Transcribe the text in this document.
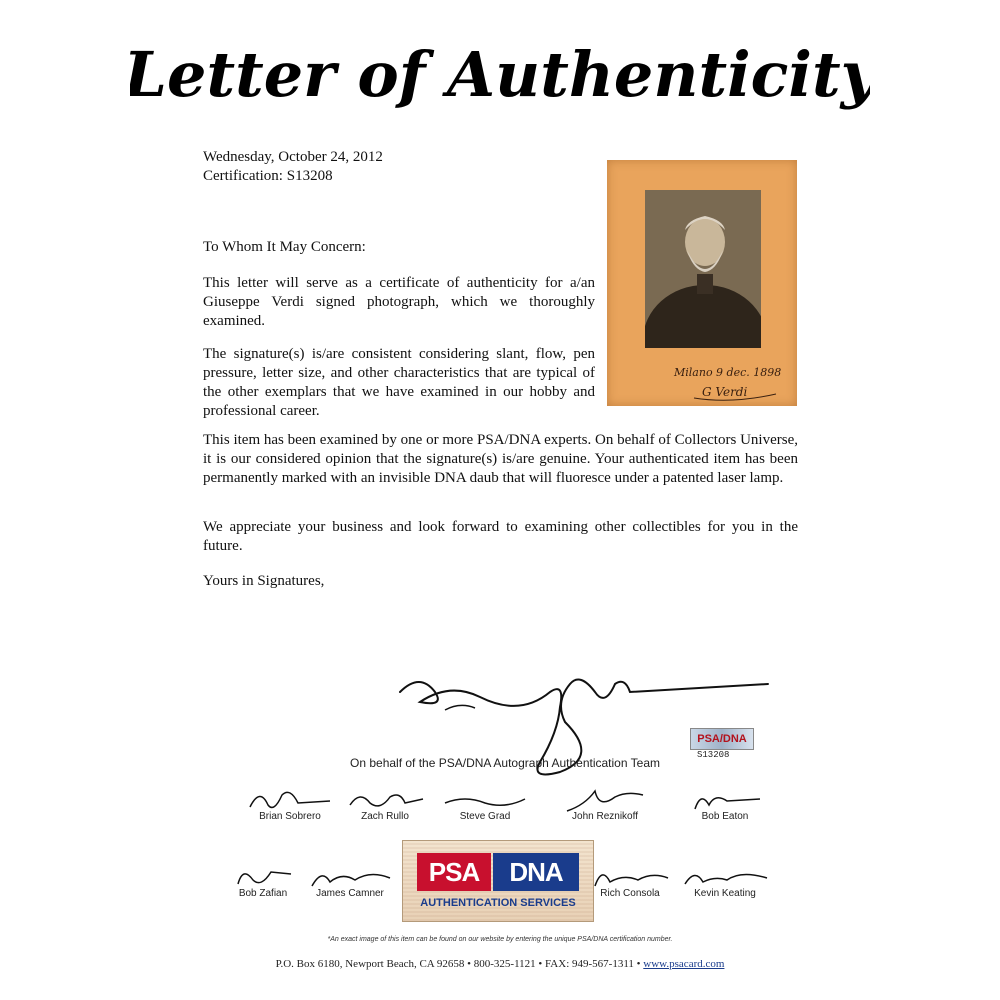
Letter of Authenticity
Wednesday, October 24, 2012
Certification: S13208
To Whom It May Concern:
This letter will serve as a certificate of authenticity for a/an Giuseppe Verdi signed photograph, which we thoroughly examined.
The signature(s) is/are consistent considering slant, flow, pen pressure, letter size, and other characteristics that are typical of the other exemplars that we have examined in our hobby and professional career.
This item has been examined by one or more PSA/DNA experts. On behalf of Collectors Universe, it is our considered opinion that the signature(s) is/are genuine. Your authenticated item has been permanently marked with an invisible DNA daub that will fluoresce under a patented laser lamp.
We appreciate your business and look forward to examining other collectibles for you in the future.
Yours in Signatures,
Milano 9 dec. 1898
G Verdi
On behalf of the PSA/DNA Autograph Authentication Team
PSA/DNA
S13208
Brian Sobrero	Zach Rullo	Steve Grad	John Reznikoff	Bob Eaton
Bob Zafian	James Camner	Rich Consola	Kevin Keating
PSA	DNA
AUTHENTICATION SERVICES
*An exact image of this item can be found on our website by entering the unique PSA/DNA certification number.
P.O. Box 6180, Newport Beach, CA 92658 • 800-325-1121 • FAX: 949-567-1311 • www.psacard.com
